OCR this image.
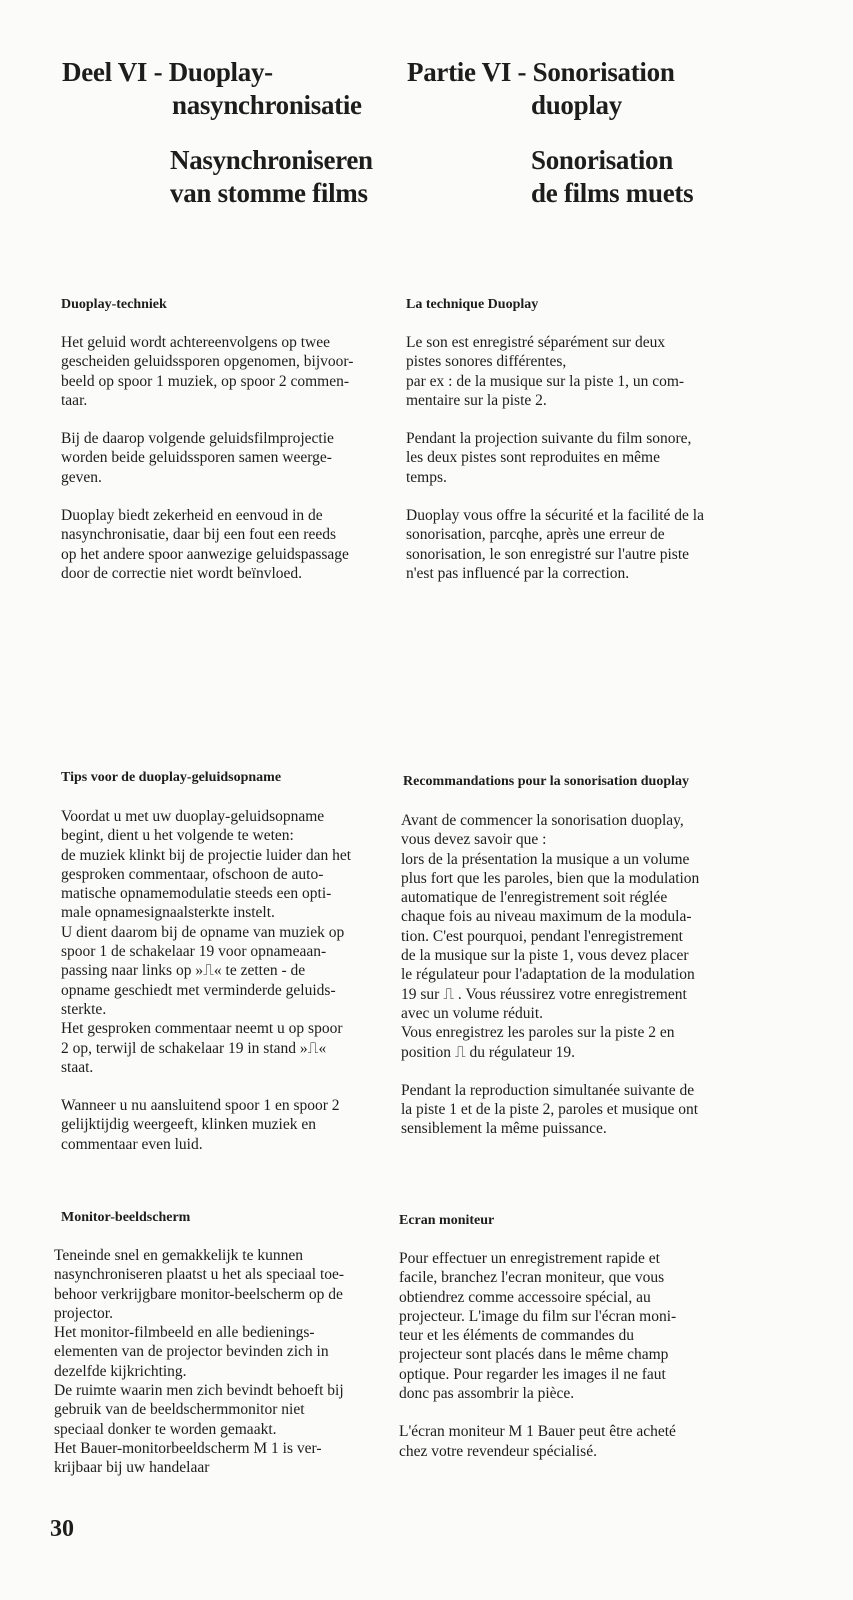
Deel VI - Duoplay-
nasynchronisatie
Partie VI - Sonorisation
duoplay
Nasynchroniseren
van stomme films
Sonorisation
de films muets
Duoplay-techniek
Het geluid wordt achtereenvolgens op twee
gescheiden geluidssporen opgenomen, bijvoor-
beeld op spoor 1 muziek, op spoor 2 commen-
taar.
Bij de daarop volgende geluidsfilmprojectie
worden beide geluidssporen samen weerge-
geven.
Duoplay biedt zekerheid en eenvoud in de
nasynchronisatie, daar bij een fout een reeds
op het andere spoor aanwezige geluidspassage
door de correctie niet wordt beïnvloed.
La technique Duoplay
Le son est enregistré séparément sur deux
pistes sonores différentes,
par ex : de la musique sur la piste 1, un com-
mentaire sur la piste 2.
Pendant la projection suivante du film sonore,
les deux pistes sont reproduites en même
temps.
Duoplay vous offre la sécurité et la facilité de la
sonorisation, parcqhe, après une erreur de
sonorisation, le son enregistré sur l'autre piste
n'est pas influencé par la correction.
Tips voor de duoplay-geluidsopname
Voordat u met uw duoplay-geluidsopname
begint, dient u het volgende te weten:
de muziek klinkt bij de projectie luider dan het
gesproken commentaar, ofschoon de auto-
matische opnamemodulatie steeds een opti-
male opnamesignaalsterkte instelt.
U dient daarom bij de opname van muziek op
spoor 1 de schakelaar 19 voor opnameaan-
passing naar links op »⎍« te zetten - de
opname geschiedt met verminderde geluids-
sterkte.
Het gesproken commentaar neemt u op spoor
2 op, terwijl de schakelaar 19 in stand »⎍«
staat.
Wanneer u nu aansluitend spoor 1 en spoor 2
gelijktijdig weergeeft, klinken muziek en
commentaar even luid.
Recommandations pour la sonorisation duoplay
Avant de commencer la sonorisation duoplay,
vous devez savoir que :
lors de la présentation la musique a un volume
plus fort que les paroles, bien que la modulation
automatique de l'enregistrement soit réglée
chaque fois au niveau maximum de la modula-
tion. C'est pourquoi, pendant l'enregistrement
de la musique sur la piste 1, vous devez placer
le régulateur pour l'adaptation de la modulation
19 sur ⎍ . Vous réussirez votre enregistrement
avec un volume réduit.
Vous enregistrez les paroles sur la piste 2 en
position ⎍ du régulateur 19.
Pendant la reproduction simultanée suivante de
la piste 1 et de la piste 2, paroles et musique ont
sensiblement la même puissance.
Monitor-beeldscherm
Teneinde snel en gemakkelijk te kunnen
nasynchroniseren plaatst u het als speciaal toe-
behoor verkrijgbare monitor-beelscherm op de
projector.
Het monitor-filmbeeld en alle bedienings-
elementen van de projector bevinden zich in
dezelfde kijkrichting.
De ruimte waarin men zich bevindt behoeft bij
gebruik van de beeldschermmonitor niet
speciaal donker te worden gemaakt.
Het Bauer-monitorbeeldscherm M 1 is ver-
krijbaar bij uw handelaar
Ecran moniteur
Pour effectuer un enregistrement rapide et
facile, branchez l'ecran moniteur, que vous
obtiendrez comme accessoire spécial, au
projecteur. L'image du film sur l'écran moni-
teur et les éléments de commandes du
projecteur sont placés dans le même champ
optique. Pour regarder les images il ne faut
donc pas assombrir la pièce.
L'écran moniteur M 1 Bauer peut être acheté
chez votre revendeur spécialisé.
30
